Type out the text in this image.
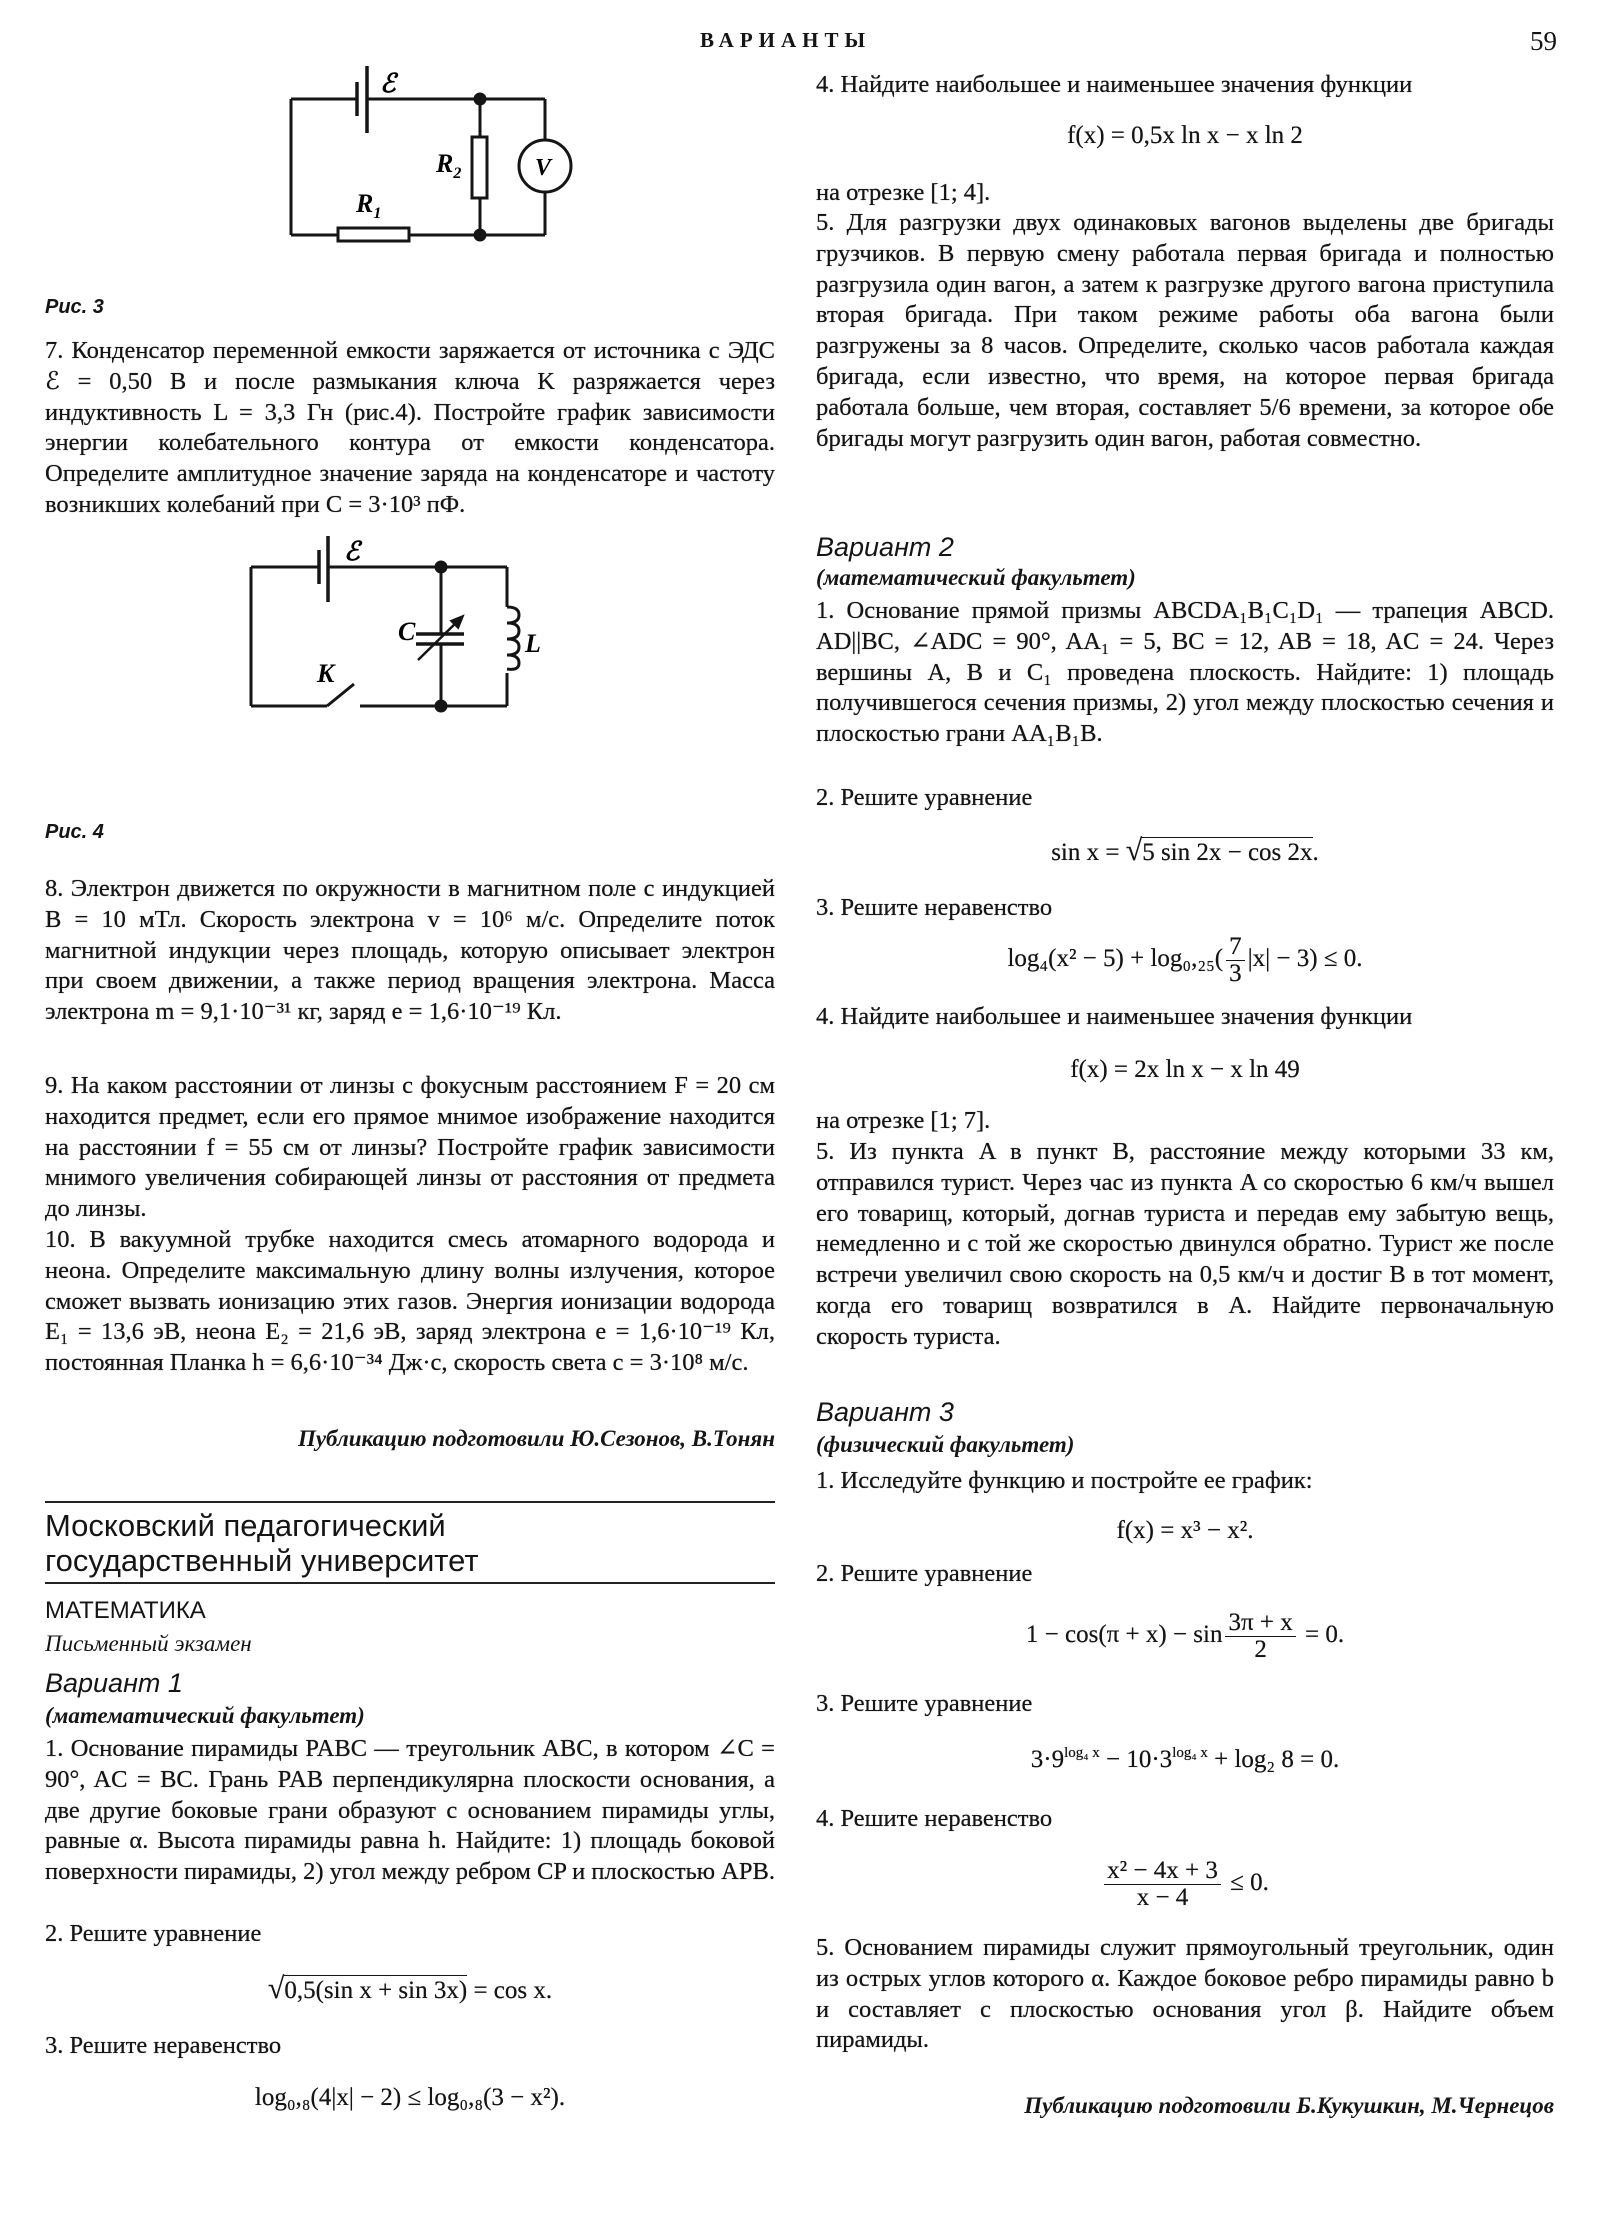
ВАРИАНТЫ	59
ℰ
$R_2$
$R_1$
V
ℰ
C	L
K
Рис. 3

7. Конденсатор переменной емкости заряжается от источника с ЭДС ℰ = 0,50 В и после размыкания ключа K разряжается через индуктивность L = 3,3 Гн (рис.4). Постройте график зависимости энергии колебательного контура от емкости конденсатора. Определите амплитудное значение заряда на конденсаторе и частоту возникших колебаний при C = 3·10³ пФ.

Рис. 4

8. Электрон движется по окружности в магнитном поле с индукцией B = 10 мТл. Скорость электрона v = 10⁶ м/с. Определите поток магнитной индукции через площадь, которую описывает электрон при своем движении, а также период вращения электрона. Масса электрона m = 9,1·10⁻³¹ кг, заряд e = 1,6·10⁻¹⁹ Кл.

9. На каком расстоянии от линзы с фокусным расстоянием F = 20 см находится предмет, если его прямое мнимое изображение находится на расстоянии f = 55 см от линзы? Постройте график зависимости мнимого увеличения собирающей линзы от расстояния от предмета до линзы.

10. В вакуумной трубке находится смесь атомарного водорода и неона. Определите максимальную длину волны излучения, которое сможет вызвать ионизацию этих газов. Энергия ионизации водорода E₁ = 13,6 эВ, неона E₂ = 21,6 эВ, заряд электрона e = 1,6·10⁻¹⁹ Кл, постоянная Планка h = 6,6·10⁻³⁴ Дж·с, скорость света c = 3·10⁸ м/с.

Публикацию подготовили Ю.Сезонов, В.Тонян
Московский педагогический
государственный университет
МАТЕМАТИКА
Письменный экзамен
Вариант 1
(математический факультет)

1. Основание пирамиды PABC — треугольник ABC, в котором ∠C = 90°, AC = BC. Грань PAB перпендикулярна плоскости основания, а две другие боковые грани образуют с основанием пирамиды углы, равные α. Высота пирамиды равна h. Найдите: 1) площадь боковой поверхности пирамиды, 2) угол между ребром CP и плоскостью APB.

2. Решите уравнение
√0,5(sin x + sin 3x) = cos x.
3. Решите неравенство
log₀,₈(4|x| − 2) ≤ log₀,₈(3 − x²).
4. Найдите наибольшее и наименьшее значения функции
f(x) = 0,5x ln x − x ln 2
на отрезке [1; 4].

5. Для разгрузки двух одинаковых вагонов выделены две бригады грузчиков. В первую смену работала первая бригада и полностью разгрузила один вагон, а затем к разгрузке другого вагона приступила вторая бригада. При таком режиме работы оба вагона были разгружены за 8 часов. Определите, сколько часов работала каждая бригада, если известно, что время, на которое первая бригада работала больше, чем вторая, составляет 5/6 времени, за которое обе бригады могут разгрузить один вагон, работая совместно.

Вариант 2
(математический факультет)

1. Основание прямой призмы ABCDA₁B₁C₁D₁ — трапеция ABCD. AD||BC, ∠ADC = 90°, AA₁ = 5, BC = 12, AB = 18, AC = 24. Через вершины A, B и C₁ проведена плоскость. Найдите: 1) площадь получившегося сечения призмы, 2) угол между плоскостью сечения и плоскостью грани AA₁B₁B.

2. Решите уравнение
sin x = √5 sin 2x − cos 2x.
3. Решите неравенство
$\log_4(x^2 - 5) + \log_0,_{25}( \frac{7}{3} |x| - 3) \le 0$.
4. Найдите наибольшее и наименьшее значения функции
f(x) = 2x ln x − x ln 49
на отрезке [1; 7].

5. Из пункта A в пункт B, расстояние между которыми 33 км, отправился турист. Через час из пункта A со скоростью 6 км/ч вышел его товарищ, который, догнав туриста и передав ему забытую вещь, немедленно и с той же скоростью двинулся обратно. Турист же после встречи увеличил свою скорость на 0,5 км/ч и достиг B в тот момент, когда его товарищ возвратился в A. Найдите первоначальную скорость туриста.

Вариант 3
(физический факультет)
1. Исследуйте функцию и постройте ее график:
f(x) = x³ − x².
2. Решите уравнение
$1 - \cos(\pi + x) - \sin \frac{3\pi + x}{2} = 0$.
3. Решите уравнение
$3\cdot 9^{log_4 x} - 10\cdot 3^{log_4 x} + \log_2$ 8 = 0.
4. Решите неравенство
$\frac{\text{x² − 4x + 3}}{x - 4} \le 0$.

5. Основанием пирамиды служит прямоугольный треугольник, один из острых углов которого α. Каждое боковое ребро пирамиды равно b и составляет с плоскостью основания угол β. Найдите объем пирамиды.

Публикацию подготовили Б.Кукушкин, М.Чернецов
